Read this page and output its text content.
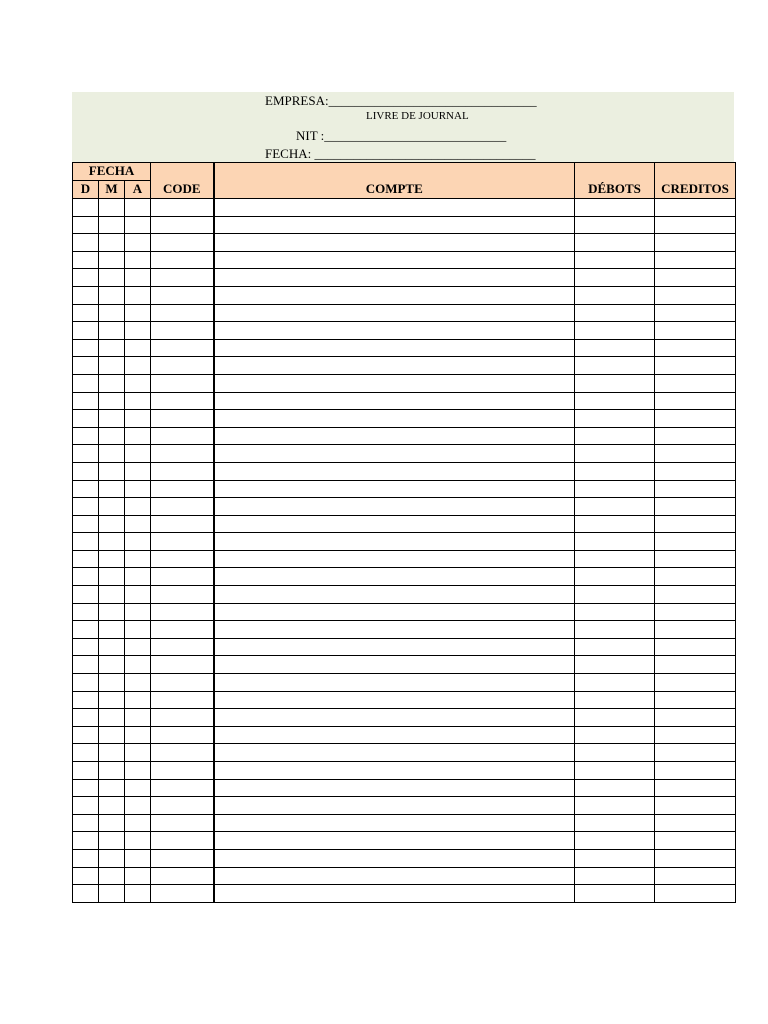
EMPRESA:________________________________
LIVRE DE JOURNAL
NIT :____________________________
FECHA: __________________________________
FECHA			CODE	COMPTE	DÉBOTS	CREDITOS
D	M	A				
